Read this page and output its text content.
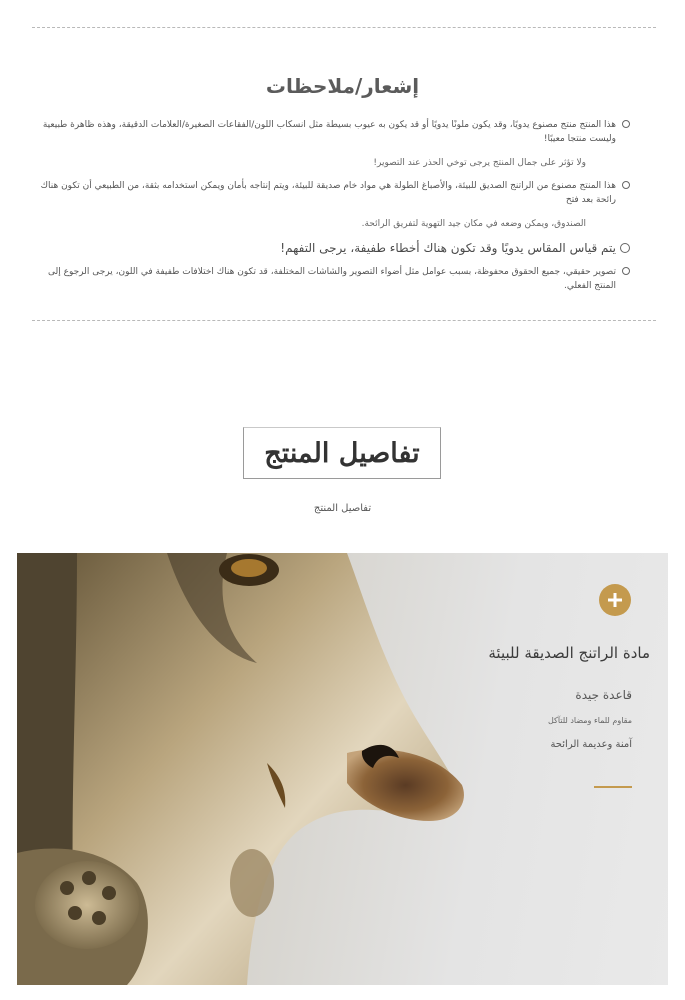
إشعار/ملاحظات
هذا المنتج منتج مصنوع يدويًا، وقد يكون ملونًا يدويًا أو قد يكون به عيوب بسيطة مثل انسكاب اللون/الفقاعات الصغيرة/العلامات الدقيقة، وهذه ظاهرة طبيعية وليست منتجا معيبًا!
ولا تؤثر على جمال المنتج يرجى توخي الحذر عند التصوير!
هذا المنتج مصنوع من الراتنج الصديق للبيئة، والأصباغ الطولة هي مواد خام صديقة للبيئة، ويتم إنتاجه بأمان ويمكن استخدامه بثقة، من الطبيعي أن تكون هناك رائحة بعد فتح
الصندوق، ويمكن وضعه في مكان جيد التهوية لتفريق الرائحة.
يتم قياس المقاس يدويًا وقد تكون هناك أخطاء طفيفة، يرجى التفهم!
تصوير حقيقي، جميع الحقوق محفوظة، بسبب عوامل مثل أضواء التصوير والشاشات المختلفة، قد تكون هناك اختلافات طفيفة في اللون، يرجى الرجوع إلى المنتج الفعلي.
تفاصيل المنتج
تفاصيل المنتج
مادة الراتنج الصديقة للبيئة
قاعدة جيدة
مقاوم للماء ومضاد للتآكل
آمنة وعديمة الرائحة
